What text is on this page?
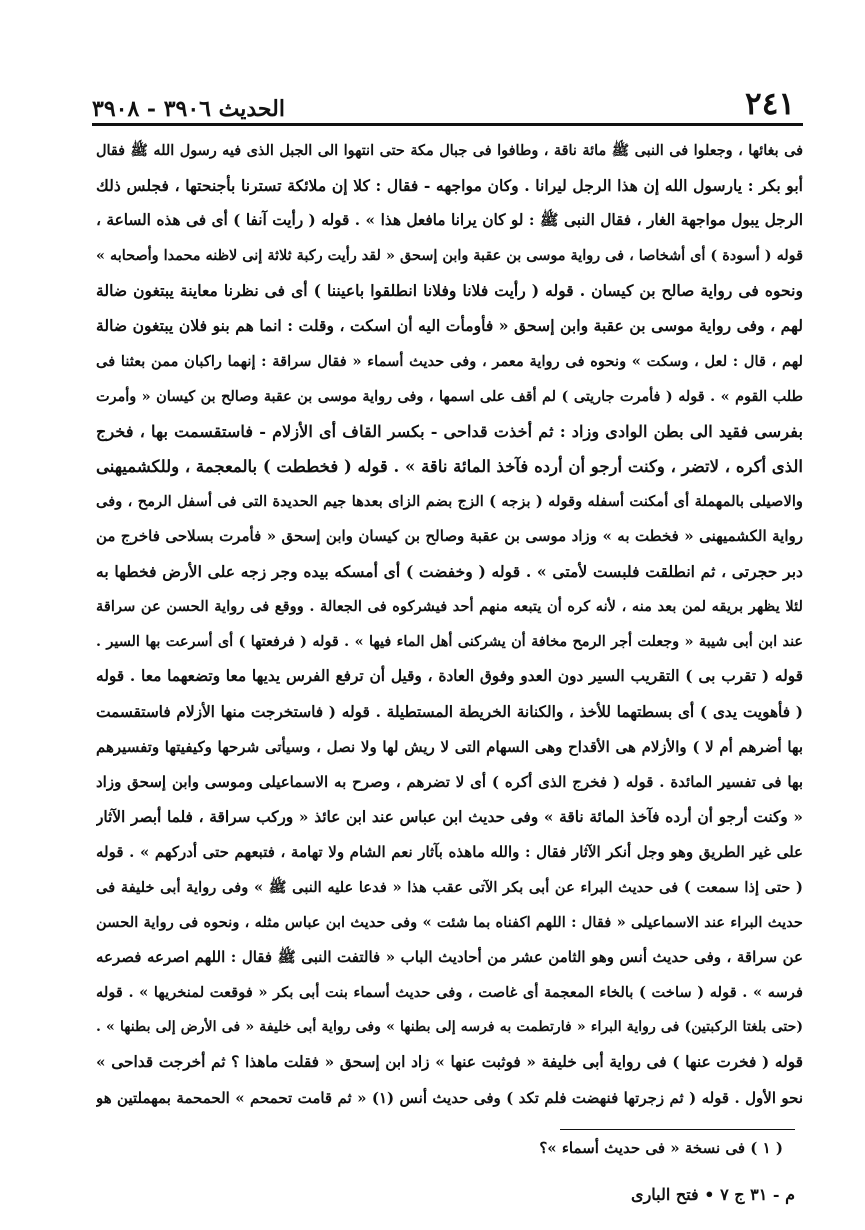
الحديث ٣٩٠٦ - ٣٩٠٨	٢٤١
فى بغائها ، وجعلوا فى النبى ﷺ مائة ناقة ، وطافوا فى جبال مكة حتى انتهوا الى الجبل الذى فيه رسول الله ﷺ فقال
أبو بكر : يارسول الله إن هذا الرجل ليرانا . وكان مواجهه - فقال : كلا إن ملائكة تسترنا بأجنحتها ، فجلس ذلك
الرجل يبول مواجهة الغار ، فقال النبى ﷺ : لو كان يرانا مافعل هذا » . قوله ( رأيت آنفا ) أى فى هذه الساعة ،
قوله ( أسودة ) أى أشخاصا ، فى رواية موسى بن عقبة وابن إسحق « لقد رأيت ركبة ثلاثة إنى لاظنه محمدا وأصحابه »
ونحوه فى رواية صالح بن كيسان . قوله ( رأيت فلانا وفلانا انطلقوا باعيننا ) أى فى نظرنا معاينة يبتغون ضالة
لهم ، وفى رواية موسى بن عقبة وابن إسحق « فأومأت اليه أن اسكت ، وقلت : انما هم بنو فلان يبتغون ضالة
لهم ، قال : لعل ، وسكت » ونحوه فى رواية معمر ، وفى حديث أسماء « فقال سراقة : إنهما راكبان ممن بعثنا فى
طلب القوم » . قوله ( فأمرت جاريتى ) لم أقف على اسمها ، وفى رواية موسى بن عقبة وصالح بن كيسان « وأمرت
بفرسى فقيد الى بطن الوادى وزاد : ثم أخذت قداحى - بكسر القاف أى الأزلام - فاستقسمت بها ، فخرج
الذى أكره ، لاتضر ، وكنت أرجو أن أرده فآخذ المائة ناقة » . قوله ( فخططت ) بالمعجمة ، وللكشميهنى
والاصيلى بالمهملة أى أمكنت أسفله وقوله ( بزجه ) الزج بضم الزاى بعدها جيم الحديدة التى فى أسفل الرمح ، وفى
رواية الكشميهنى « فخطت به » وزاد موسى بن عقبة وصالح بن كيسان وابن إسحق « فأمرت بسلاحى فاخرج من
دبر حجرتى ، ثم انطلقت فلبست لأمتى » . قوله ( وخفضت ) أى أمسكه بيده وجر زجه على الأرض فخطها به
لئلا يظهر بريقه لمن بعد منه ، لأنه كره أن يتبعه منهم أحد فيشركوه فى الجعالة . ووقع فى رواية الحسن عن سراقة
عند ابن أبى شيبة « وجعلت أجر الرمح مخافة أن يشركنى أهل الماء فيها » . قوله ( فرفعتها ) أى أسرعت بها السير .
قوله ( تقرب بى ) التقريب السير دون العدو وفوق العادة ، وقيل أن ترفع الفرس يديها معا وتضعهما معا . قوله
( فأهويت يدى ) أى بسطتهما للأخذ ، والكنانة الخريطة المستطيلة . قوله ( فاستخرجت منها الأزلام فاستقسمت
بها أضرهم أم لا ) والأزلام هى الأقداح وهى السهام التى لا ريش لها ولا نصل ، وسيأتى شرحها وكيفيتها وتفسيرهم
بها فى تفسير المائدة . قوله ( فخرج الذى أكره ) أى لا تضرهم ، وصرح به الاسماعيلى وموسى وابن إسحق وزاد
« وكنت أرجو أن أرده فآخذ المائة ناقة » وفى حديث ابن عباس عند ابن عائذ « وركب سراقة ، فلما أبصر الآثار
على غير الطريق وهو وجل أنكر الآثار فقال : والله ماهذه بآثار نعم الشام ولا تهامة ، فتبعهم حتى أدركهم » . قوله
( حتى إذا سمعت ) فى حديث البراء عن أبى بكر الآتى عقب هذا « فدعا عليه النبى ﷺ » وفى رواية أبى خليفة فى
حديث البراء عند الاسماعيلى « فقال : اللهم اكفناه بما شئت » وفى حديث ابن عباس مثله ، ونحوه فى رواية الحسن
عن سراقة ، وفى حديث أنس وهو الثامن عشر من أحاديث الباب « فالتفت النبى ﷺ فقال : اللهم اصرعه فصرعه
فرسه » . قوله ( ساخت ) بالخاء المعجمة أى غاصت ، وفى حديث أسماء بنت أبى بكر « فوقعت لمنخريها » . قوله
(حتى بلغتا الركبتين) فى رواية البراء « فارتطمت به فرسه إلى بطنها » وفى رواية أبى خليفة « فى الأرض إلى بطنها » .
قوله ( فخرت عنها ) فى رواية أبى خليفة « فوثبت عنها » زاد ابن إسحق « فقلت ماهذا ؟ ثم أخرجت قداحى »
نحو الأول . قوله ( ثم زجرتها فنهضت فلم تكد ) وفى حديث أنس (١) « ثم قامت تحمحم » الحمحمة بمهملتين هو
( ١ ) فى نسخة « فى حديث أسماء »؟
م - ٣١ ج ٧ • فتح البارى
